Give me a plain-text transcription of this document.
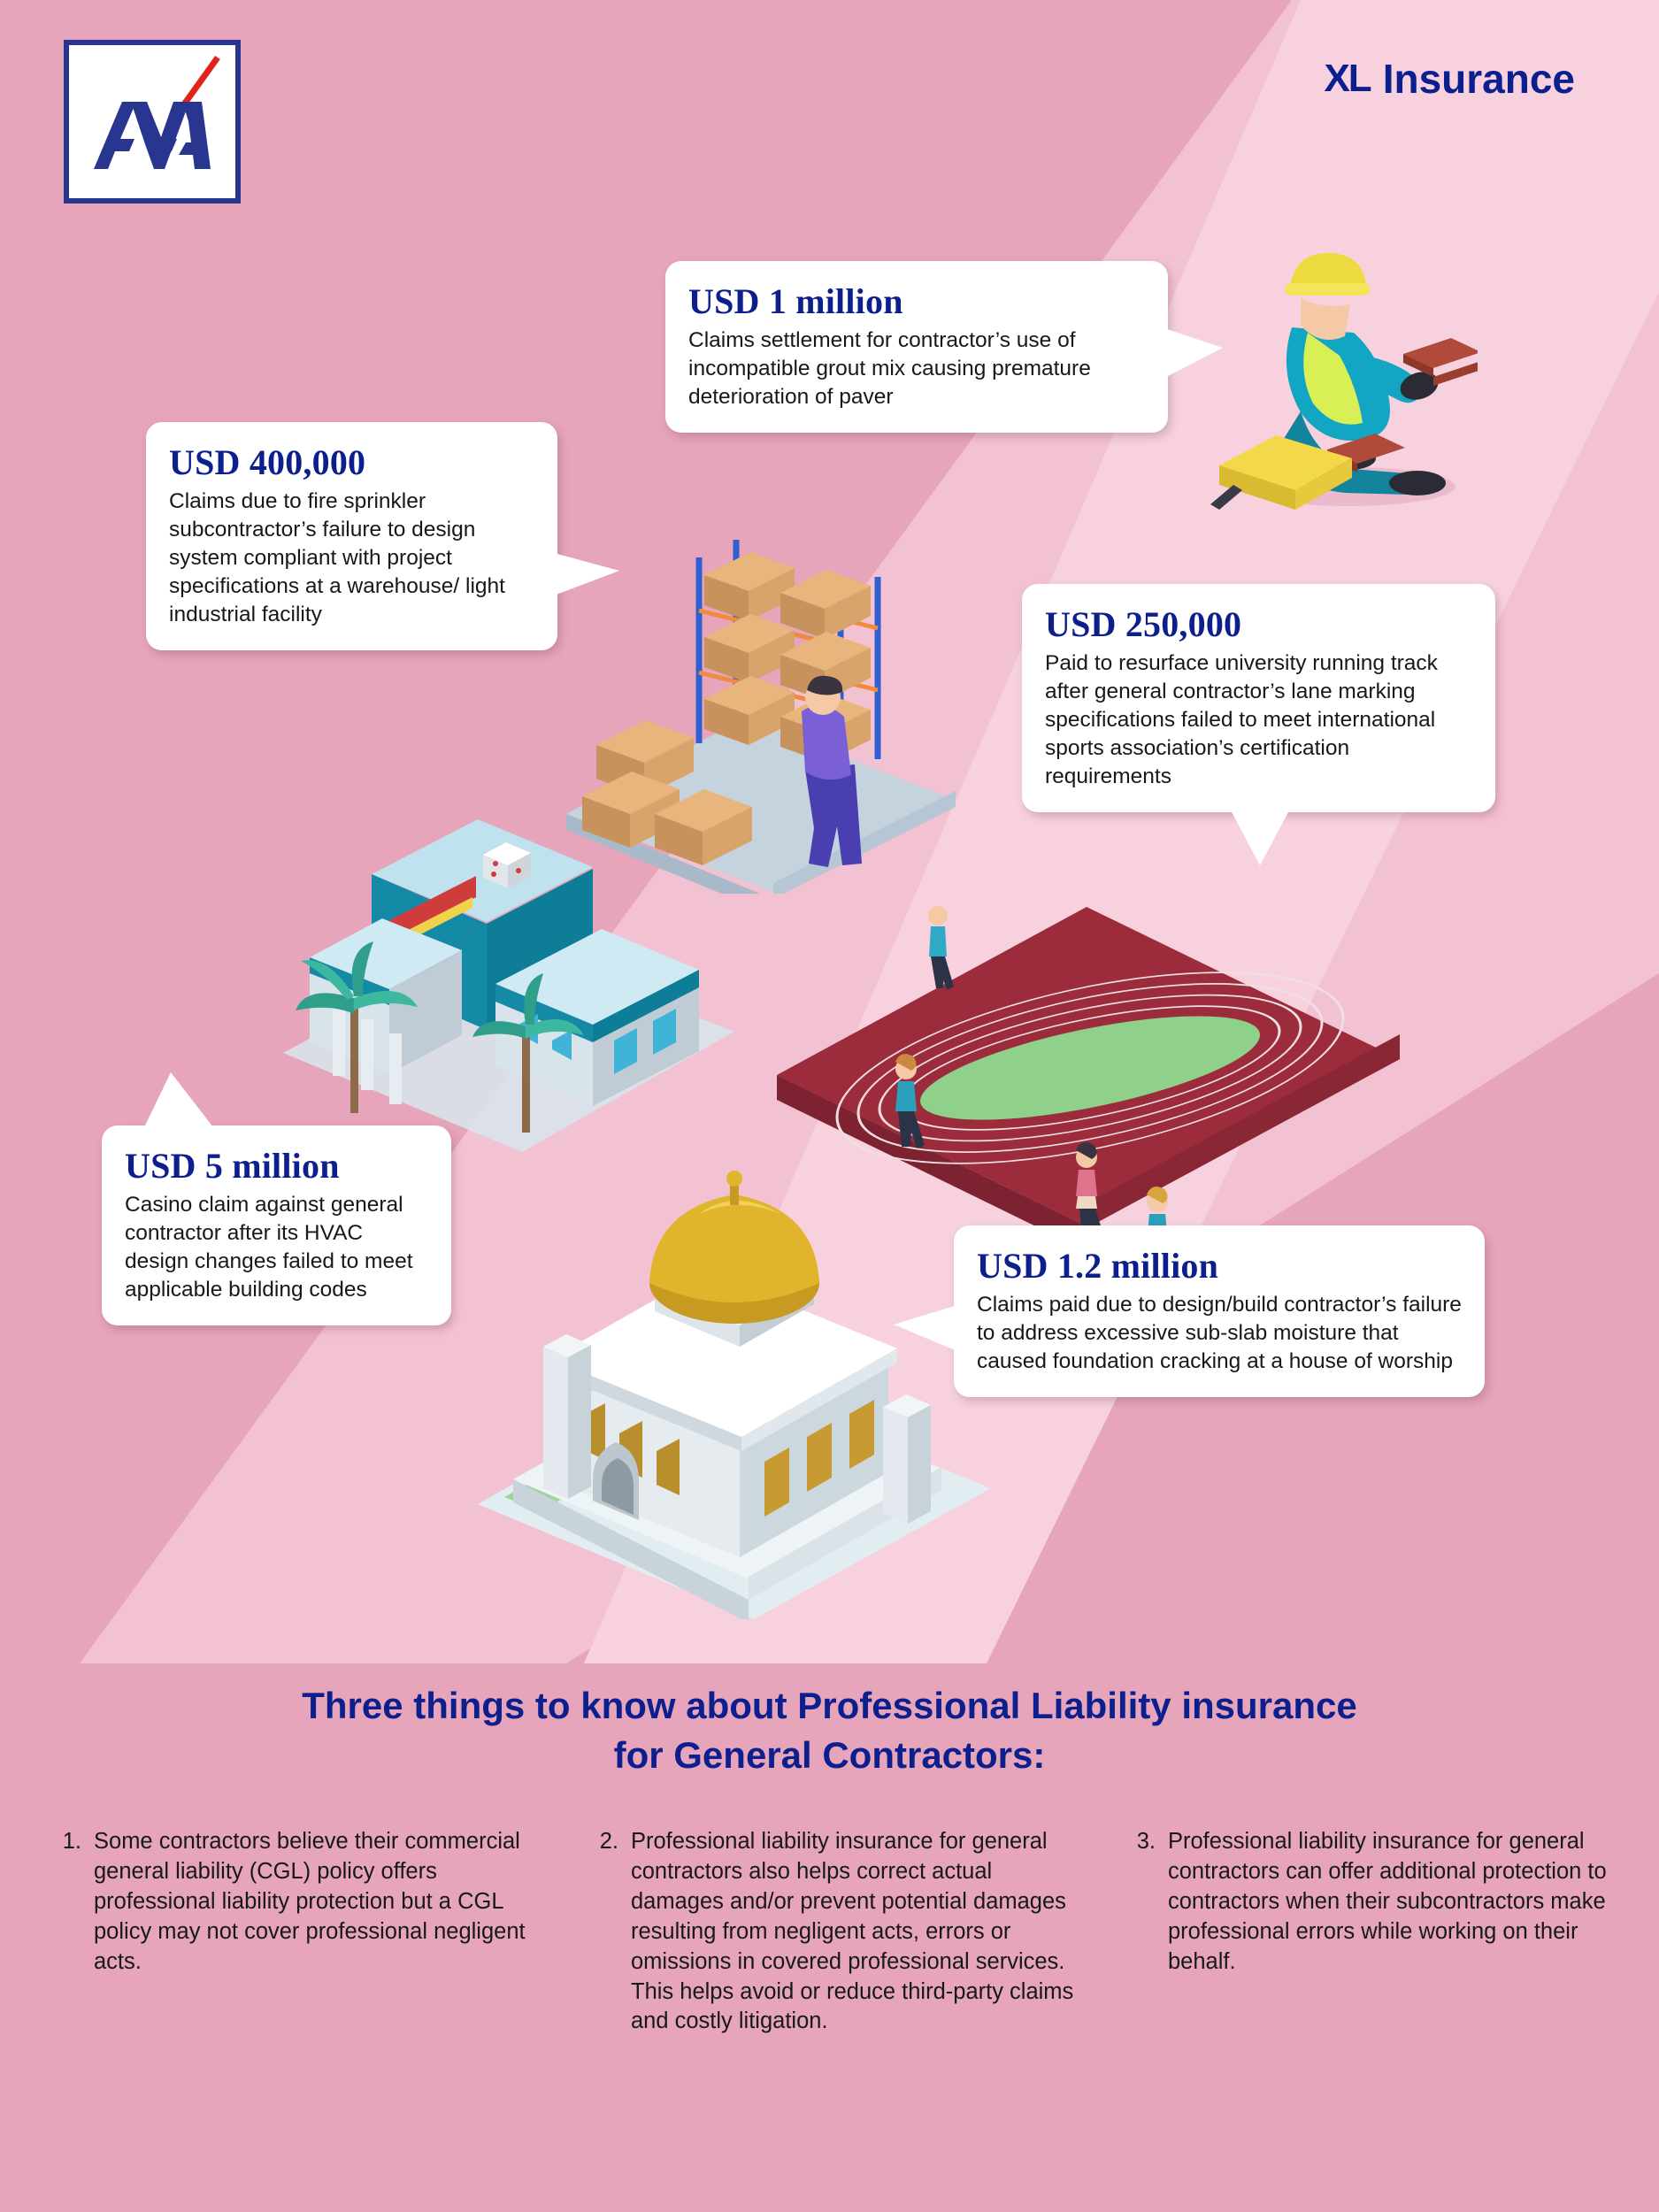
XL Insurance
USD 1 million

Claims settlement for contractor’s use of incompatible grout mix causing premature deterioration of paver

USD 400,000

Claims due to fire sprinkler subcontractor’s failure to design system compliant with project specifications at a warehouse/ light industrial facility	USD 250,000

Paid to resurface university running track after general contractor’s lane marking specifications failed to meet international sports association’s certification requirements

USD 5 million

Casino claim against general contractor after its HVAC design changes failed to meet applicable building codes

USD 1.2 million

Claims paid due to design/build contractor’s failure to address excessive sub-slab moisture that caused foundation cracking at a house of worship

Three things to know about Professional Liability insurance
for General Contractors:
1. Some contractors believe their commercial general liability (CGL) policy offers professional liability protection but a CGL policy may not cover professional negligent acts.
2. Professional liability insurance for general contractors also helps correct actual damages and/or prevent potential damages resulting from negligent acts, errors or omissions in covered professional services. This helps avoid or reduce third-party claims and costly litigation.
3. Professional liability insurance for general contractors can offer additional protection to contractors when their subcontractors make professional errors while working on their behalf.
